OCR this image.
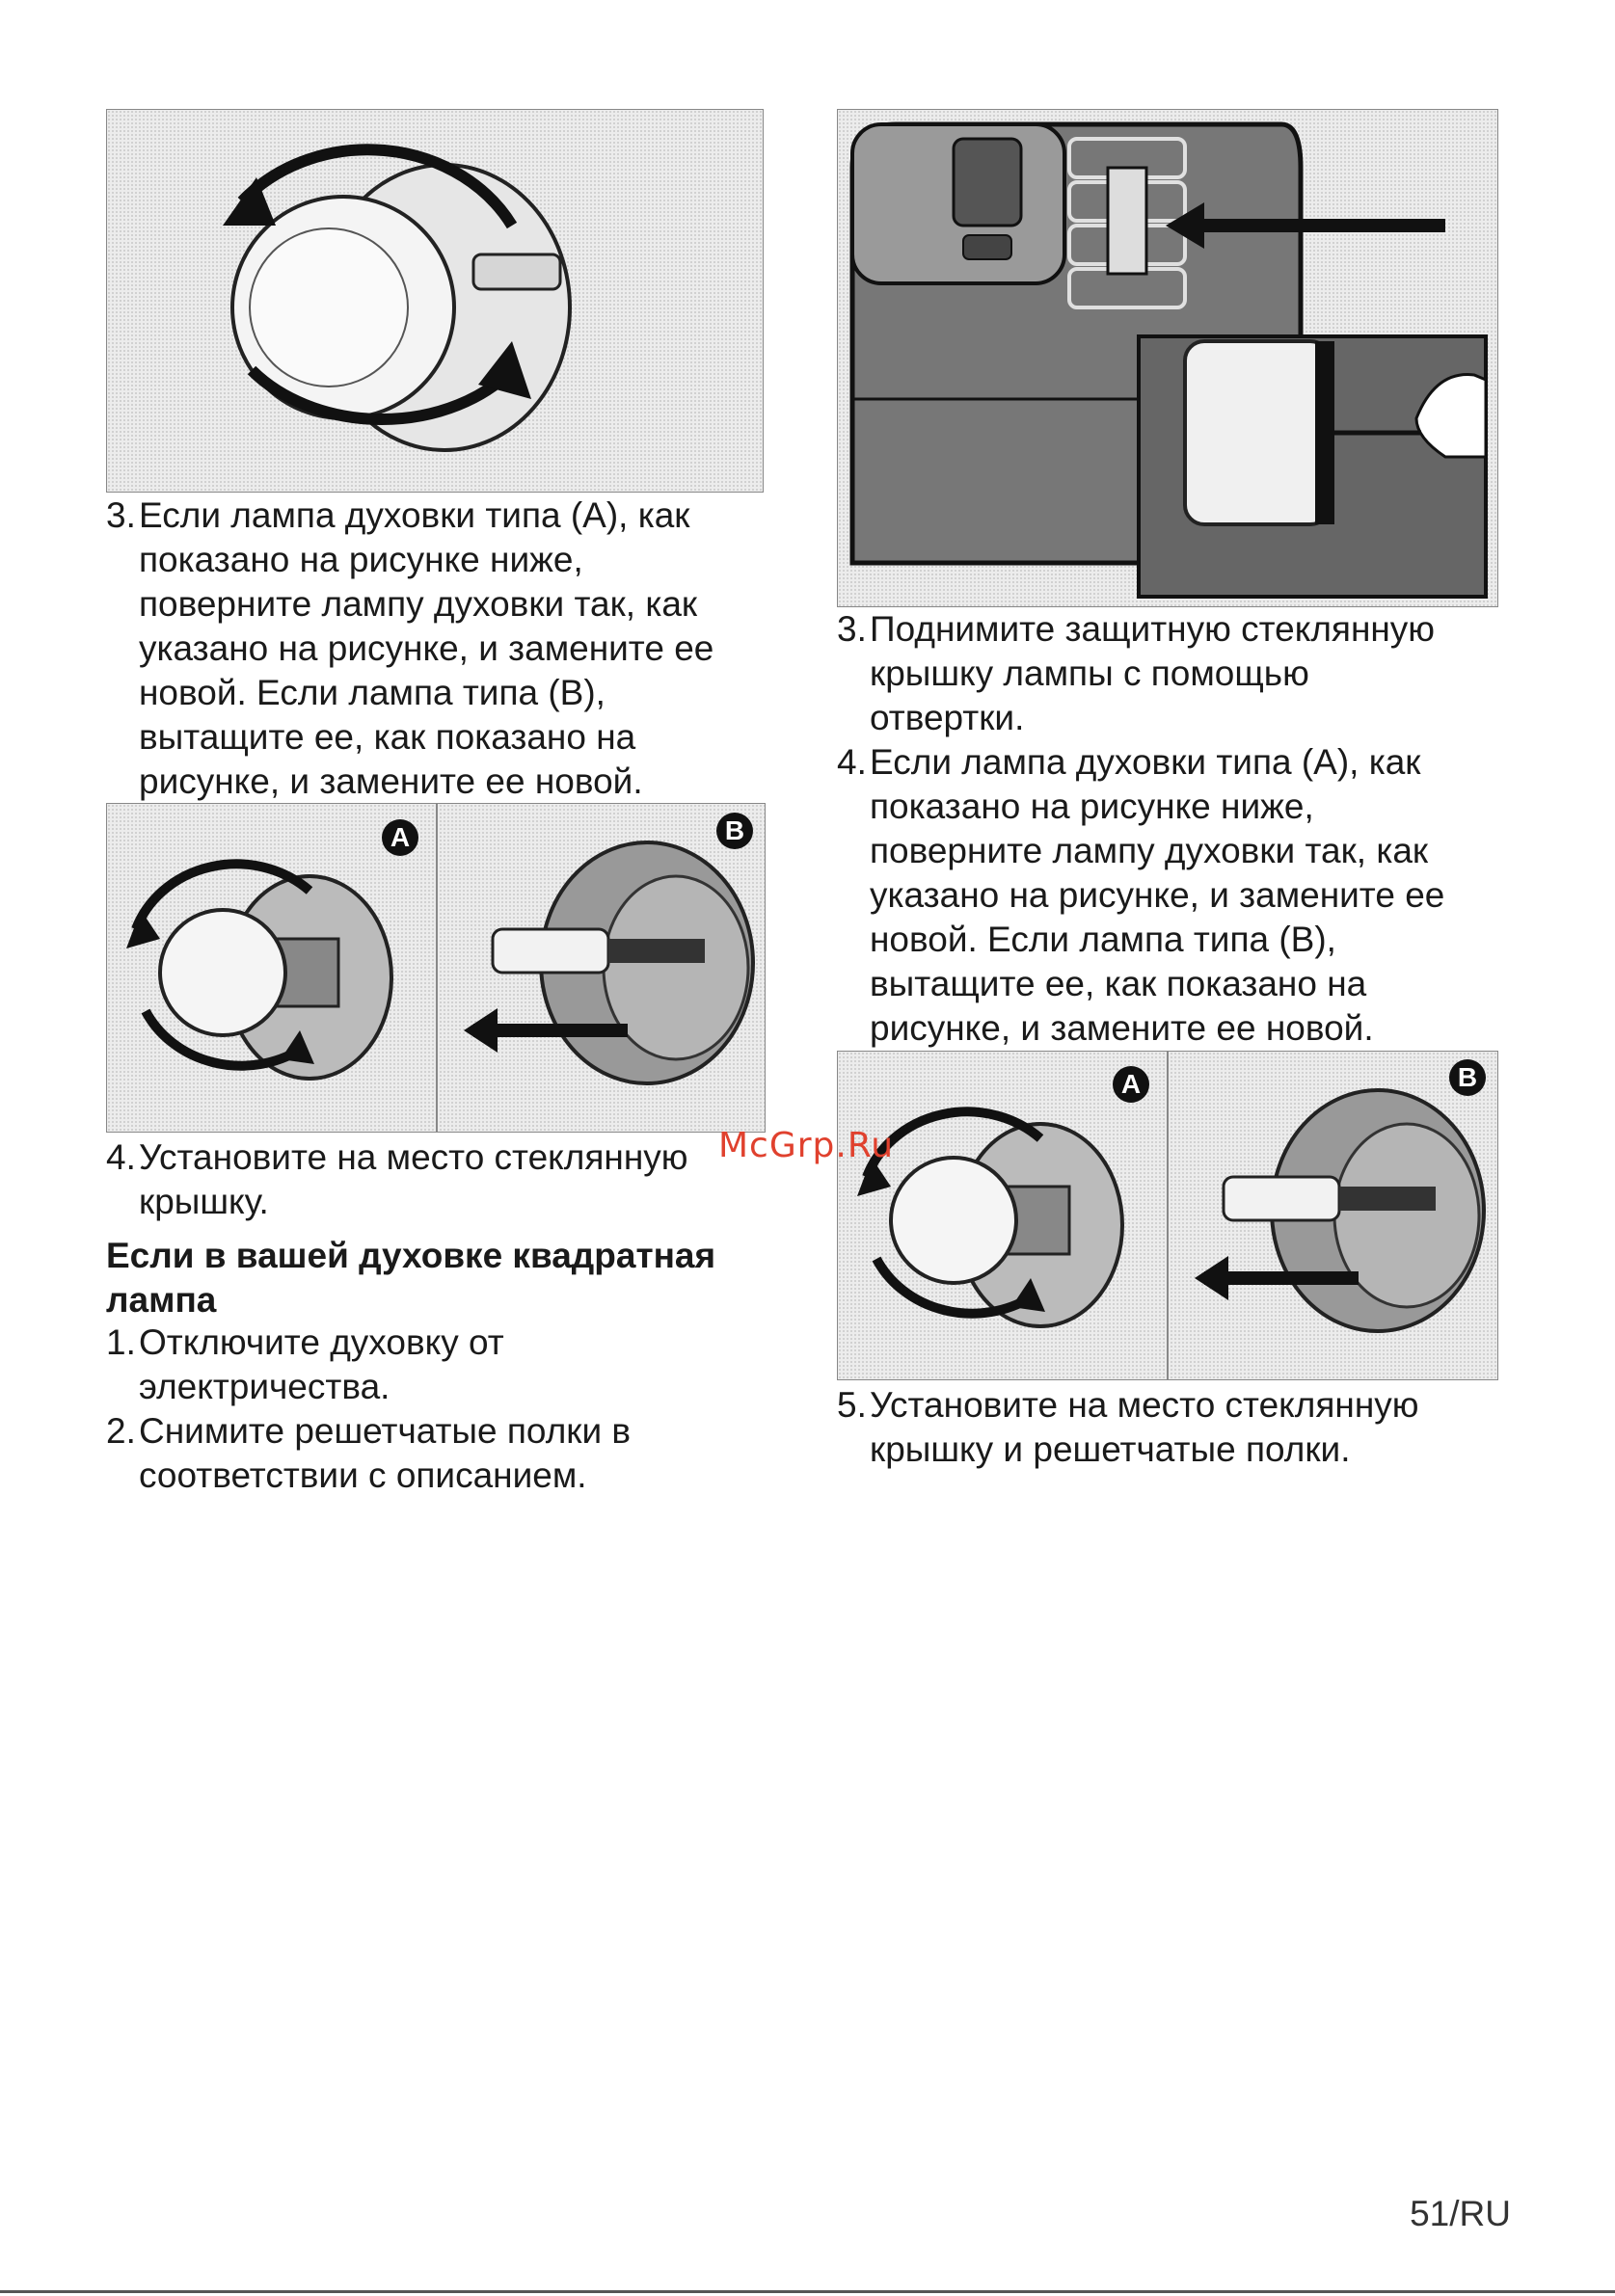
3.Если лампа духовки типа (A), как
показано на рисунке ниже,
поверните лампу духовки так, как
указано на рисунке, и замените ее
новой. Если лампа типа (B),
вытащите ее, как показано на
рисунке, и замените ее новой.
A	B
4.Установите на место стеклянную
крышку.
Если в вашей духовке квадратная
лампа
1.Отключите духовку от
электричества.
2.Снимите решетчатые полки в
соответствии с описанием.
3.Поднимите защитную стеклянную
крышку лампы с помощью
отвертки.
4.Если лампа духовки типа (A), как
показано на рисунке ниже,
поверните лампу духовки так, как
указано на рисунке, и замените ее
новой. Если лампа типа (B),
вытащите ее, как показано на
рисунке, и замените ее новой.
A	B
5.Установите на место стеклянную
крышку и решетчатые полки.
McGrp.Ru
51/RU
